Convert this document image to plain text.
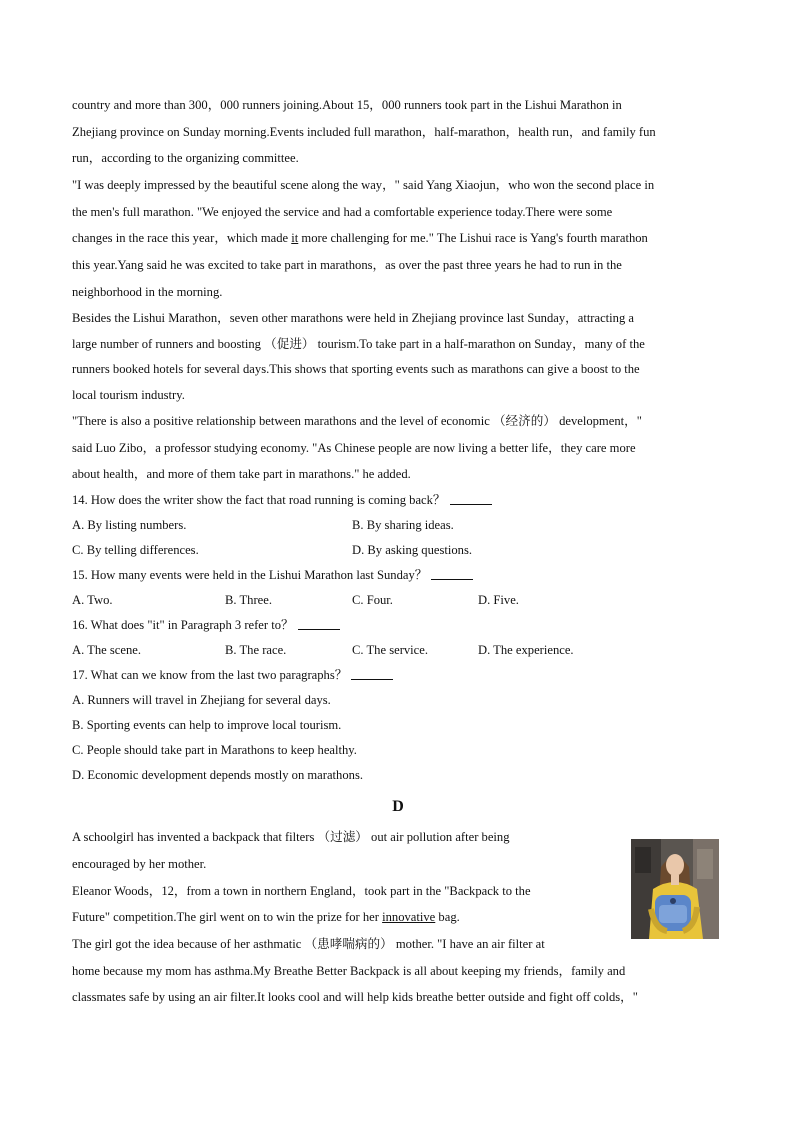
country and more than 300，000 runners joining.About 15，000 runners took part in the Lishui Marathon in
Zhejiang province on Sunday morning.Events included full marathon，half-marathon，health run，and family fun
run，according to the organizing committee.
"I was deeply impressed by the beautiful scene along the way，" said Yang Xiaojun，who won the second place in
the men's full marathon. "We enjoyed the service and had a comfortable experience today.There were some
changes in the race this year，which made it more challenging for me." The Lishui race is Yang's fourth marathon
this year.Yang said he was excited to take part in marathons，as over the past three years he had to run in the
neighborhood in the morning.
Besides the Lishui Marathon，seven other marathons were held in Zhejiang province last Sunday，attracting a
large number of runners and boosting （促进） tourism.To take part in a half-marathon on Sunday，many of the
runners booked hotels for several days.This shows that sporting events such as marathons can give a boost to the
local tourism industry.
"There is also a positive relationship between marathons and the level of economic （经济的） development，"
said Luo Zibo，a professor studying economy. "As Chinese people are now living a better life，they care more
about health，and more of them take part in marathons." he added.
14. How does the writer show the fact that road running is coming back？
A. By listing numbers.	B. By sharing ideas.
C. By telling differences.	D. By asking questions.
15. How many events were held in the Lishui Marathon last Sunday？
A. Two.	B. Three.	C. Four.	D. Five.
16. What does "it" in Paragraph 3 refer to？
A. The scene.	B. The race.	C. The service.	D. The experience.
17. What can we know from the last two paragraphs？
A. Runners will travel in Zhejiang for several days.
B. Sporting events can help to improve local tourism.
C. People should take part in Marathons to keep healthy.
D. Economic development depends mostly on marathons.
D
A schoolgirl has invented a backpack that filters （过滤） out air pollution after being
encouraged by her mother.
Eleanor Woods，12，from a town in northern England，took part in the "Backpack to the
Future" competition.The girl went on to win the prize for her innovative bag.
The girl got the idea because of her asthmatic （患哮喘病的） mother. "I have an air filter at
home because my mom has asthma.My Breathe Better Backpack is all about keeping my friends，family and
classmates safe by using an air filter.It looks cool and will help kids breathe better outside and fight off colds，"
